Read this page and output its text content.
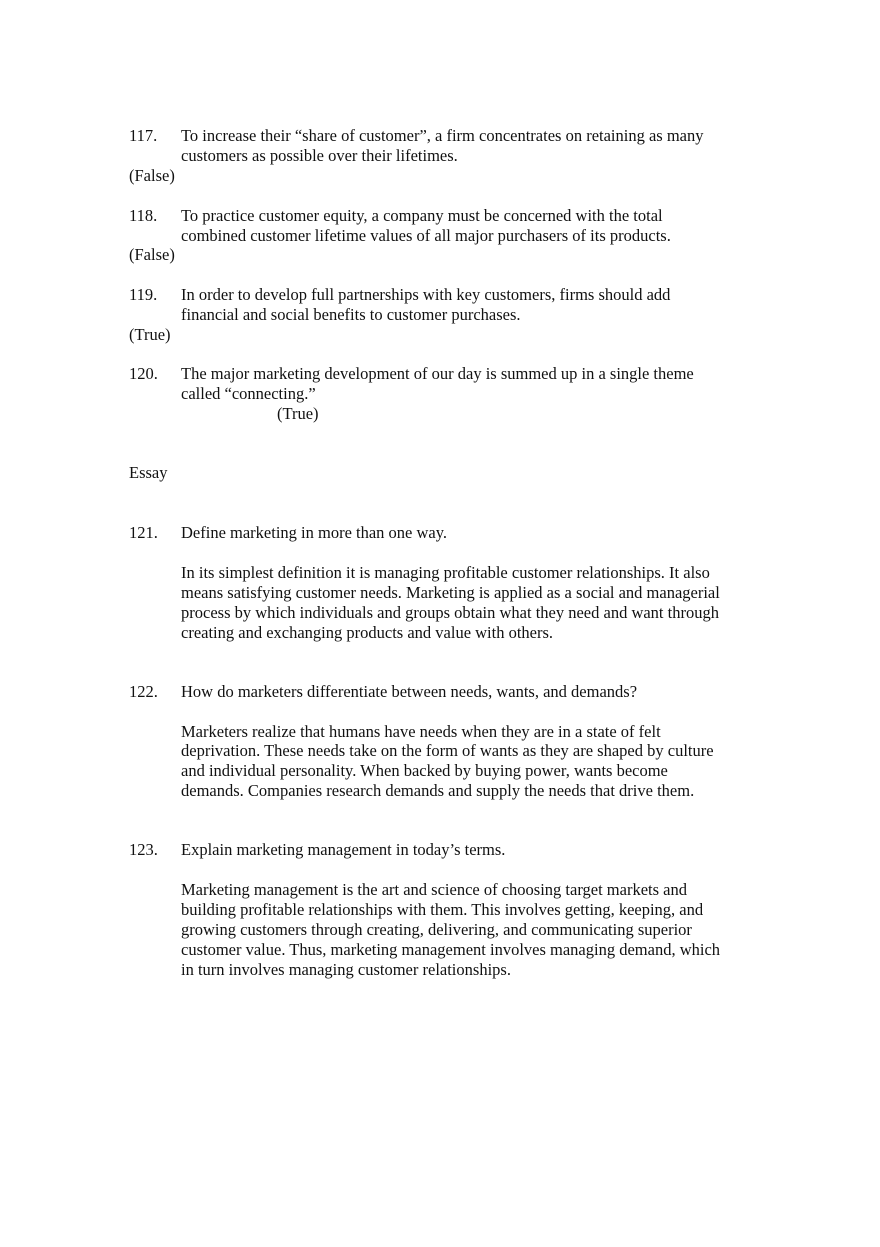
117. To increase their “share of customer”, a firm concentrates on retaining as many
customers as possible over their lifetimes.
(False)
118. To practice customer equity, a company must be concerned with the total
combined customer lifetime values of all major purchasers of its products.
(False)
119. In order to develop full partnerships with key customers, firms should add
financial and social benefits to customer purchases.
(True)
120. The major marketing development of our day is summed up in a single theme
called “connecting.”
(True)
Essay
121. Define marketing in more than one way.
In its simplest definition it is managing profitable customer relationships. It also
means satisfying customer needs. Marketing is applied as a social and managerial
process by which individuals and groups obtain what they need and want through
creating and exchanging products and value with others.
122. How do marketers differentiate between needs, wants, and demands?
Marketers realize that humans have needs when they are in a state of felt
deprivation. These needs take on the form of wants as they are shaped by culture
and individual personality. When backed by buying power, wants become
demands. Companies research demands and supply the needs that drive them.
123. Explain marketing management in today’s terms.
Marketing management is the art and science of choosing target markets and
building profitable relationships with them. This involves getting, keeping, and
growing customers through creating, delivering, and communicating superior
customer value. Thus, marketing management involves managing demand, which
in turn involves managing customer relationships.
